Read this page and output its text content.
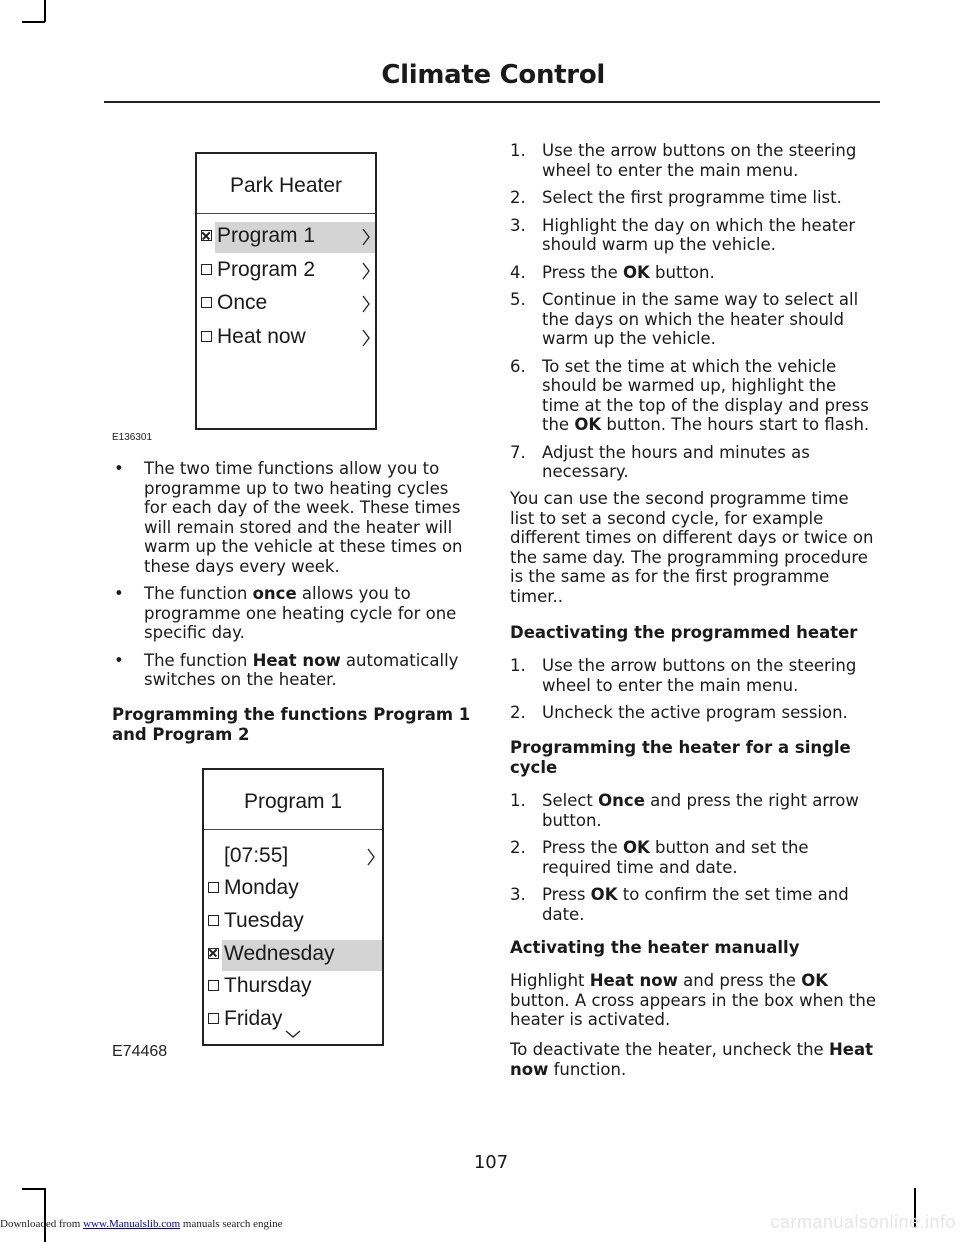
Climate Control
Park Heater
Program 1
Program 2
Once
Heat now
E136301
• The two time functions allow you to programme up to two heating cycles for each day of the week. These times will remain stored and the heater will warm up the vehicle at these times on these days every week.
• The function once allows you to programme one heating cycle for one specific day.
• The function Heat now automatically switches on the heater.

Programming the functions Program 1 and Program 2

Program 1
[07:55]
Monday
Tuesday
Wednesday
Thursday
Friday
E74468
1. Use the arrow buttons on the steering wheel to enter the main menu.
2. Select the first programme time list.
3. Highlight the day on which the heater should warm up the vehicle.
4. Press the OK button.
5. Continue in the same way to select all the days on which the heater should warm up the vehicle.
6. To set the time at which the vehicle should be warmed up, highlight the time at the top of the display and press the OK button. The hours start to flash.
7. Adjust the hours and minutes as necessary.

You can use the second programme time list to set a second cycle, for example different times on different days or twice on the same day. The programming procedure is the same as for the first programme timer..

Deactivating the programmed heater

1. Use the arrow buttons on the steering wheel to enter the main menu.
2. Uncheck the active program session.

Programming the heater for a single cycle

1. Select Once and press the right arrow button.
2. Press the OK button and set the required time and date.
3. Press OK to confirm the set time and date.

Activating the heater manually

Highlight Heat now and press the OK button. A cross appears in the box when the heater is activated.

To deactivate the heater, uncheck the Heat now function.

107
Downloaded from www.Manualslib.com manuals search engine	carmanualsonline.info
